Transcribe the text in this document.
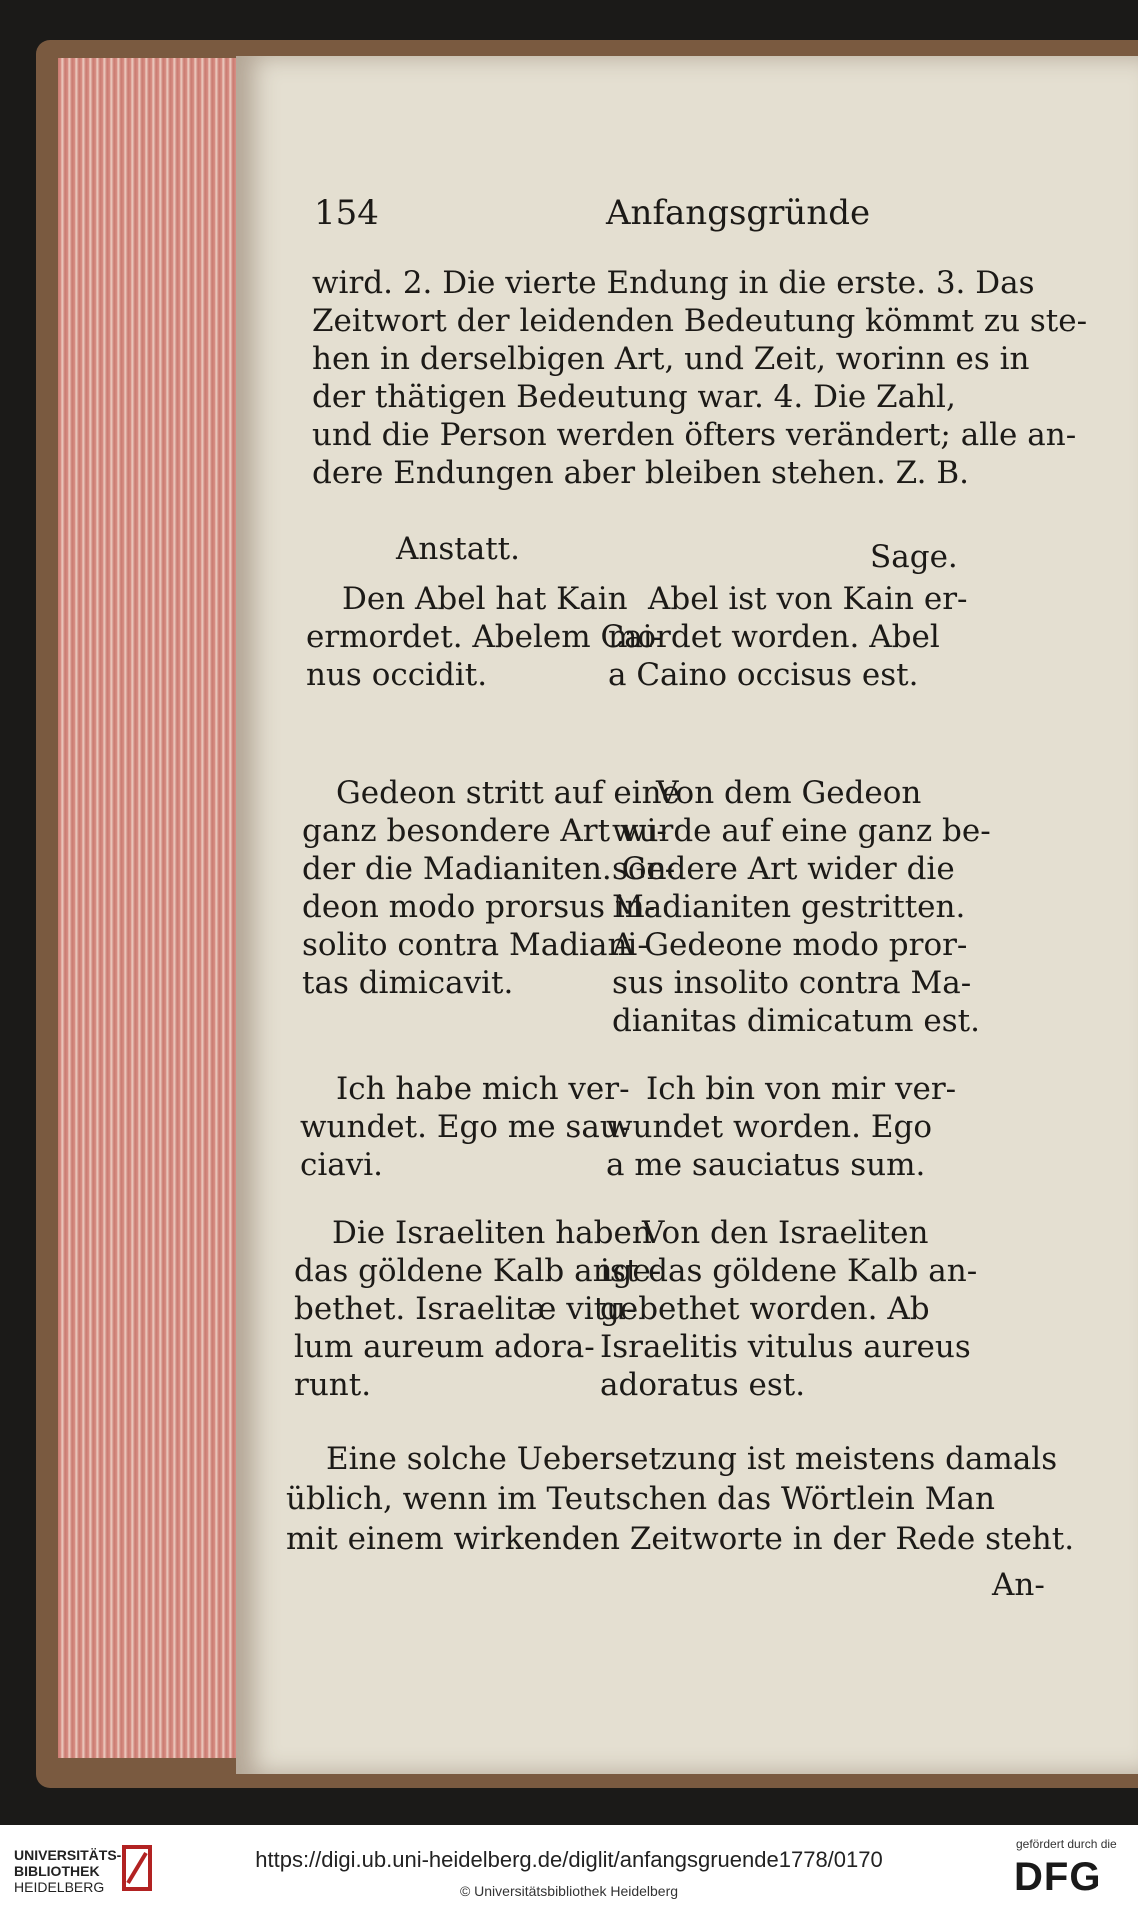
154	Anfangsgründe
wird. 2. Die vierte Endung in die erste. 3. Das
Zeitwort der leidenden Bedeutung kömmt zu ste-
hen in derselbigen Art, und Zeit, worinn es in
der thätigen Bedeutung war. 4. Die Zahl,
und die Person werden öfters verändert; alle an-
dere Endungen aber bleiben stehen. Z. B.
Anstatt.	Sage.
Den Abel hat Kain
ermordet. Abelem Cai-
nus occidit.
Abel ist von Kain er-
mordet worden. Abel
a Caino occisus est.
Gedeon stritt auf eine
ganz besondere Art wi-
der die Madianiten. Ge-
deon modo prorsus in-
solito contra Madiani-
tas dimicavit.
Von dem Gedeon
wurde auf eine ganz be-
sondere Art wider die
Madianiten gestritten.
A Gedeone modo pror-
sus insolito contra Ma-
dianitas dimicatum est.
Ich habe mich ver-
wundet. Ego me sau-
ciavi.
Ich bin von mir ver-
wundet worden. Ego
a me sauciatus sum.
Die Israeliten haben
das göldene Kalb ange-
bethet. Israelitæ vitu-
lum aureum adora-
runt.
Von den Israeliten
ist das göldene Kalb an-
gebethet worden. Ab
Israelitis vitulus aureus
adoratus est.
Eine solche Uebersetzung ist meistens damals
üblich, wenn im Teutschen das Wörtlein Man
mit einem wirkenden Zeitworte in der Rede steht.
An-
UNIVERSITÄTS-
BIBLIOTHEK
HEIDELBERG
https://digi.ub.uni-heidelberg.de/diglit/anfangsgruende1778/0170
© Universitätsbibliothek Heidelberg
gefördert durch die
DFG
